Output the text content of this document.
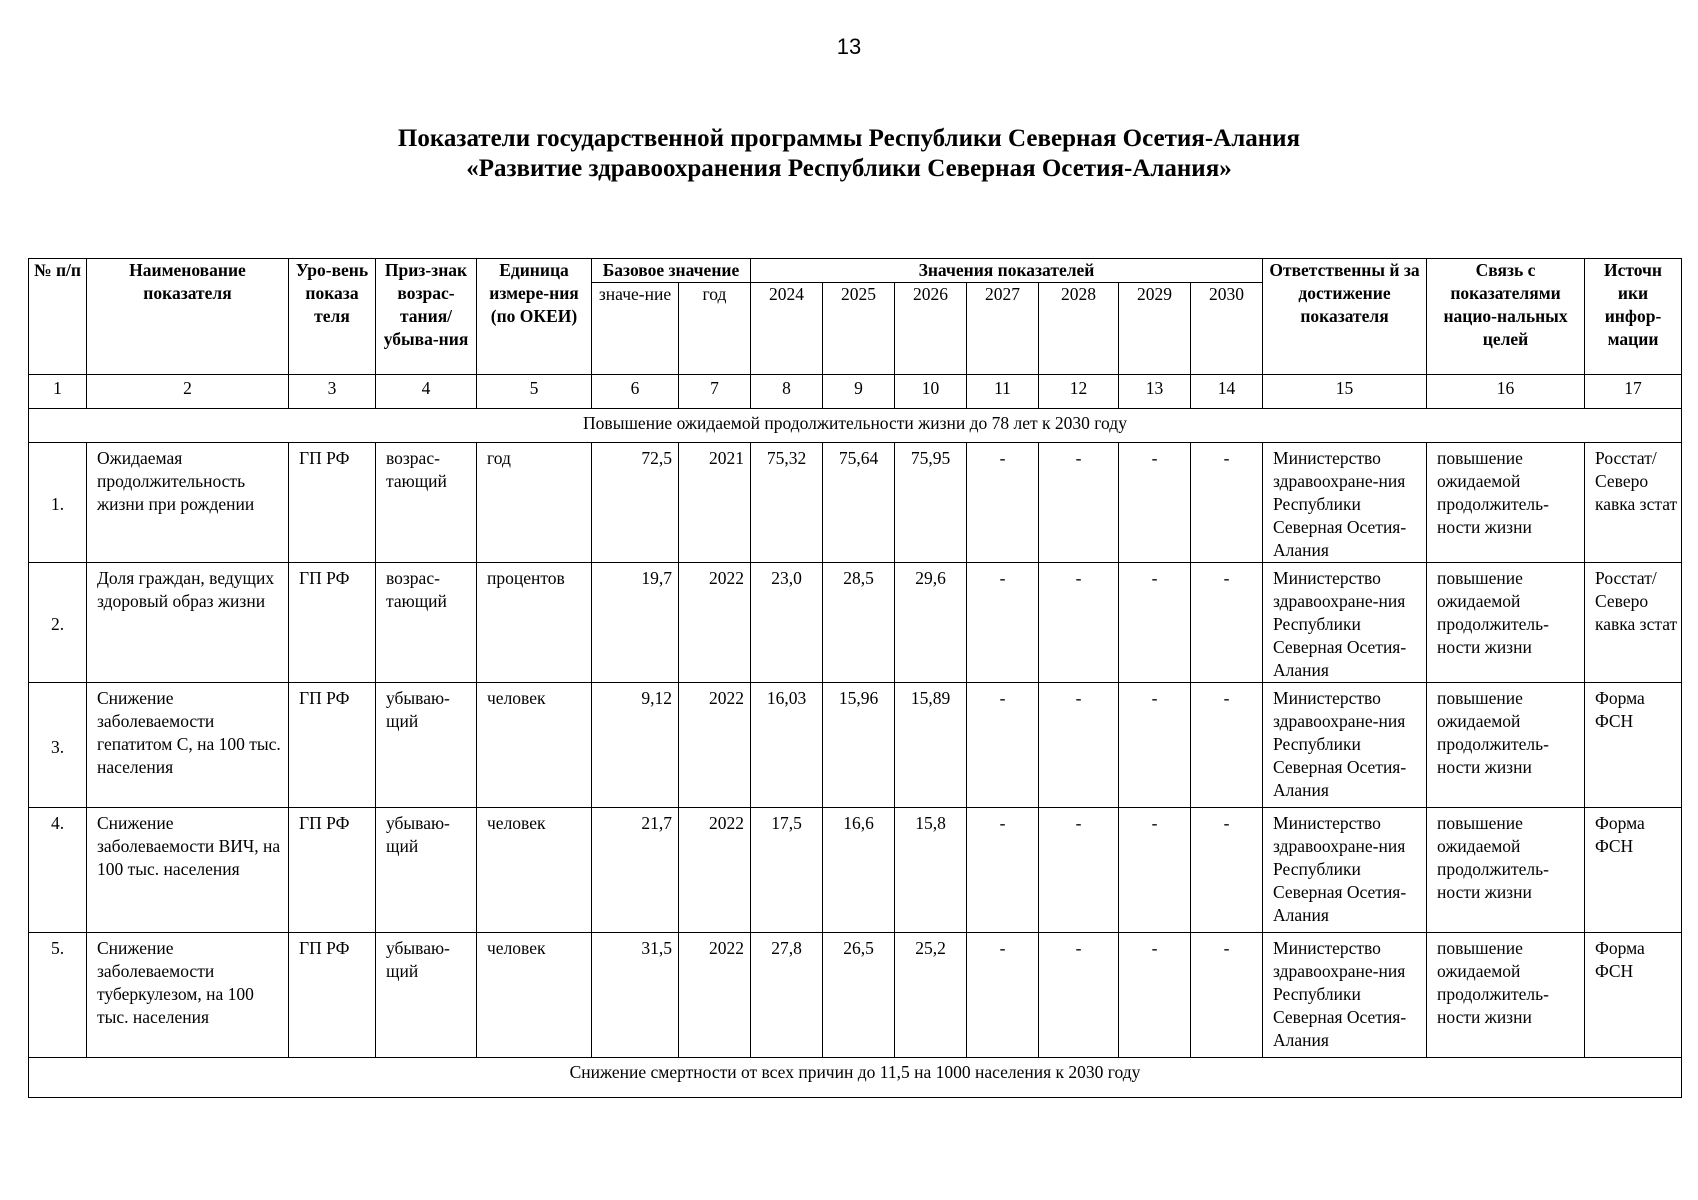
13
Показатели государственной программы Республики Северная Осетия-Алания
«Развитие здравоохранения Республики Северная Осетия-Алания»
№ п/п	Наименование показателя	Уро-вень показа теля	Приз-знак возрас-тания/ убыва-ния	Единица измере-ния (по ОКЕИ)	Базовое значение		Значения показателей							Ответственны й за достижение показателя	Связь с показателями нацио-нальных целей	Источн ики инфор-мации
					значе-ние	год	2024	2025	2026	2027	2028	2029	2030			
1	2	3	4	5	6	7	8	9	10	11	12	13	14	15	16	17
Повышение ожидаемой продолжительности жизни до 78 лет к 2030 году																
1.	Ожидаемая продолжительность жизни при рождении	ГП РФ	возрас-тающий	год	72,5	2021	75,32	75,64	75,95	-	-	-	-	Министерство здравоохране-ния Республики Северная Осетия-Алания	повышение ожидаемой продолжитель-ности жизни	Росстат/ Северо кавка зстат
2.	Доля граждан, ведущих здоровый образ жизни	ГП РФ	возрас-тающий	процентов	19,7	2022	23,0	28,5	29,6	-	-	-	-	Министерство здравоохране-ния Республики Северная Осетия-Алания	повышение ожидаемой продолжитель-ности жизни	Росстат/ Северо кавка зстат
3.	Снижение заболеваемости гепатитом С, на 100 тыс. населения	ГП РФ	убываю-щий	человек	9,12	2022	16,03	15,96	15,89	-	-	-	-	Министерство здравоохране-ния Республики Северная Осетия-Алания	повышение ожидаемой продолжитель-ности жизни	Форма ФСН
4.	Снижение заболеваемости ВИЧ, на 100 тыс. населения	ГП РФ	убываю-щий	человек	21,7	2022	17,5	16,6	15,8	-	-	-	-	Министерство здравоохране-ния Республики Северная Осетия-Алания	повышение ожидаемой продолжитель-ности жизни	Форма ФСН
5.	Снижение заболеваемости туберкулезом, на 100 тыс. населения	ГП РФ	убываю-щий	человек	31,5	2022	27,8	26,5	25,2	-	-	-	-	Министерство здравоохране-ния Республики Северная Осетия-Алания	повышение ожидаемой продолжитель-ности жизни	Форма ФСН
Снижение смертности от всех причин до 11,5 на 1000 населения к 2030 году																
